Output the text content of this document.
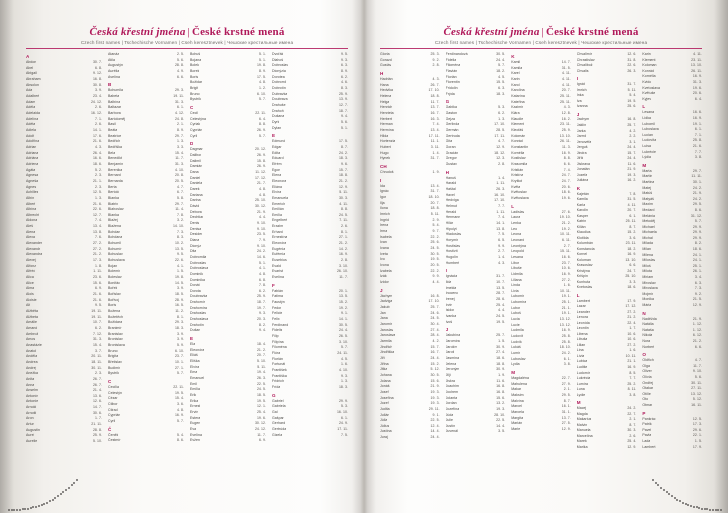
Česká křestní jména | České krstné mená
Czech first names | Tschechische Vornamen | Cseh keresztnevek | Чешские крестильные имена
A
Abdon	30. 7.
Abel	6. 8.
Abigail	9. 12.
Abraham	16. 8.
Absolon	30. 8.
Ada	3. 9.
Adalbert	23. 4.
Adam	24. 12.
Adéla	2. 6.
Adelaida	16. 12.
Adelína	7. 1.
Adéta	2. 6.
Adiela	14. 1.
Adolf	17. 6.
Adolfína	21. 6.
Adrian	4. 3.
Adriana	26. 4.
Adriána	16. 6.
Adriena	18. 6.
Agáta	5. 2.
Agnesa	2. 3.
Agneša	21. 1.
Agnes	2. 3.
Achilles	12. 5.
Albín	1. 3.
Albert	21. 6.
Albína	22. 6.
Albrecht	12. 7.
Aldona	7. 4.
Aleš	13. 4.
Alena	13. 8.
Alexa	7. 6.
Alexander	27. 2.
Alexandr	27. 2.
Alexandra	21. 2.
Alexej	17. 3.
Alfonz	1. 8.
Alfréd	1. 11.
Alica	23. 6.
Alice	15. 6.
Alma	6. 9.
Alois	21. 6.
Aloisie	21. 6.
Alt	9. 5.
Alžběta	19. 11.
Alžbeta	19. 11.
Amálie	10. 7.
Amand	6. 2.
Ambrož	7. 12.
Amos	31. 3.
Anastázie	15. 4.
Anatol	3. 7.
Anděla	20. 11.
Andrea	18. 11.
Andrej	30. 11.
Anežka	2. 3.
Anita	26. 7.
Anna	26. 7.
Anselm	21. 4.
Antonín	13. 6.
Antonie	12. 6.
Arnold	14. 7.
Arnošt	30. 6.
Aron	1. 7.
Artur	21. 11.
Augustin	28. 8.
Aurel	25. 9.
Aurelie	5. 10.
Atanáz	2. 5.
Atila	5. 6.
Augustýn	28. 8.
Aurélia	4. 9.
Avelína	6. 6.
B
Bohumila	29. 3.
Babeta	19. 11.
Balbína	31. 3.
Baltazar	6. 1.
Barbora	4. 12.
Bartoloměj	24. 8.
Basil	2. 1.
Beáta	8. 9.
Beatrice	29. 7.
Bedřich	1. 3.
Bedřiška	3. 3.
Bela	15. 4.
Benedikt	11. 7.
Benjamín	31. 3.
Berenika	4. 10.
Bernard	20. 8.
Bernarda	20. 5.
Berta	4. 7.
Bertold	6. 7.
Bianka	5. 8.
Biatrix	29. 7.
Blahoslav	11. 4.
Blanka	7. 8.
Blažej	3. 2.
Blažena	14. 10.
Bohdan	7. 3.
Bohdana	8. 3.
Bohumil	10. 2.
Bohumír	13. 5.
Bohuslav	9. 5.
Bohuslava	22. 6.
Bojan	4. 1.
Bolemír	1. 5.
Boleslav	19. 8.
Bonifác	14. 5.
Bořek	3. 9.
Bořislav	18. 5.
Bořivoj	28. 9.
Boris	16. 5.
Božena	11. 2.
Božetěch	8. 1.
Božidara	29. 3.
Branimír	18. 3.
Branislav	3. 9.
Bronislav	3. 9.
Bronislava	5. 9.
Bruno	6. 10.
Brigita	23. 7.
Břetislav	10. 1.
Budimír	27. 1.
Bystrík	5. 7.
C
Cecília	22. 11.
Celestýn	19. 5.
Cézar	15. 4.
Ctibor	3. 6.
Ctirad	4. 8.
Cyprián	16. 9.
Cyril	5. 7.
Č
Čeněk	5. 4.
Čestmír	8. 6.
Bohuš	5. 1.
Bojana	5. 1.
Bolek	19. 8.
Borek	8. 9.
Boris	17. 5.
Božidar	4. 8.
Brigit	1. 2.
Bruno	6. 10.
Bystrík	5. 7.
C
Cecil	22. 11.
Celestýna	6. 4.
Cyriak	8. 8.
Cyprián	26. 9.
Cyril	5. 7.
D
Dagmar	20. 12.
Dalibor	26. 9.
Dalimil	15. 8.
Damián	26. 9.
Dana	11. 12.
Daniel	17. 12.
Daniela	21. 7.
Darek	4. 8.
Dariana	4. 8.
Darina	25. 10.
Dávid	30. 12.
Debora	21. 9.
Dechtiar	4. 4.
Denis	9. 10.
Denisa	9. 10.
Desider	23. 5.
Diana	7. 9.
Dionýz	9. 10.
Dita	24. 2.
Dobromila	14. 6.
Dobroslav	5. 1.
Dobroslava	4. 1.
Dominik	4. 8.
Dominika	6. 8.
Donát	7. 8.
Dorota	6. 2.
Doubravka	25. 9.
Drahomír	18. 7.
Drahomíra	19. 7.
Drahoslav	9. 3.
Drahoslava	20. 3.
Drahotín	8. 2.
Dušan	9. 4.
E
Ela	18. 4.
Eleonóra	21. 2.
Eliáš	20. 7.
Eliška	5. 10.
Elvíra	5. 11.
Ema	19. 4.
Emanuel	26. 3.
Emil	22. 5.
Emília	24. 5.
Erik	18. 5.
Erika	19. 5.
Ernest	12. 1.
Ervín	25. 4.
Estera	19. 6.
Eugen	30. 12.
Eva	24. 12.
Evelína	11. 7.
Evžen	6. 9.
Dvořák	9. 5.
Dlahoš	9. 3.
Dobroslav	6. 3.
Dionýzia	8. 9.
Dorotea	6. 2.
Dobromil	4. 6.
Dobrotín	8. 3.
Dubravka	25. 9.
Doubrava	13. 9.
Drahuše	12. 7.
Drahoň	18. 7.
Dušana	9. 4.
Dyrk	5. 6.
Dylan	5. 1.
E
Edmund	17. 5.
Edgar	8. 7.
Edita	24. 2.
Eduard	18. 3.
Efrém	9. 6.
Egon	15. 7.
Elena	18. 8.
Eleonora	21. 2.
Eliána	12. 9.
Elvíra	5. 11.
Emanuela	30. 3.
Emerich	4. 11.
Emilián	8. 8.
Emília	24. 5.
Engelbert	7. 11.
Erazim	2. 6.
Erhard	8. 1.
Ernestína	27. 1.
Eleonóra	21. 2.
Eugénia	14. 2.
Eufémia	16. 9.
Eusebius	2. 8.
Evald	3. 10.
Evarist	26. 10.
Evelína	11. 7.
F
Fabián	20. 1.
Fatima	13. 5.
Faustýn	15. 2.
Fedor	19. 2.
Felicie	9. 1.
Felix	14. 1.
Ferdinand	30. 5.
Fidelis	24. 4.
Filip	26. 5.
Filipína	3. 10.
Filoména	5. 7.
Flóra	24. 11.
Florián	4. 5.
Fortunát	1. 6.
František	4. 10.
Františka	9. 3.
Fridrich	1. 3.
Frída	18. 3.
G
Gabriel	29. 9.
Gabriela	5. 3.
Gal	16. 10.
Gašpar	6. 1.
Gerhard	24. 9.
Gertrúda	17. 11.
Gizela	7. 5.
Česká křestní jména | České krstné mená
Czech first names | Tschechische Vornamen | Cseh keresztnevek | Чешские крестильные имена
Gloria	25. 3.
Gorazd	9. 2.
Gustáv	2. 8.
H
Hadrián	4. 3.
Hana	26. 7.
Hedvika	17. 10.
Helena	18. 8.
Helga	11. 7.
Henrich	13. 7.
Henrieta	16. 7.
Herbert	16. 3.
Herman	7. 4.
Hermína	13. 4.
Hilda	17. 11.
Hortenzia	11. 1.
Hubert	3. 11.
Hugo	1. 4.
Hynek	31. 7.
CH
Chrudoš	1. 9.
I
Ida	13. 4.
Ignác	31. 7.
Igor	18. 10.
Ilja	20. 7.
Ilona	18. 8.
Imrich	5. 11.
Ingrid	2. 9.
Irena	5. 4.
Irma	9. 7.
Isabela	22. 2.
Ivan	25. 6.
Ivana	24. 5.
Iveta	30. 5.
Ivo	19. 5.
Ivona	20. 5.
Izabela	22. 2.
Izák	9. 9.
Izidor	4. 4.
J
Jáchym	16. 8.
Jadviga	17. 10.
Jakub	25. 7.
Jan	24. 6.
Jana	24. 5.
Jaromír	30. 4.
Jaroslav	27. 4.
Jaroslava	28. 4.
Jarmila	4. 2.
Jindřich	15. 7.
Jindřiška	16. 7.
Jiří	24. 4.
Jiřina	15. 2.
Jitka	5. 12.
Johana	30. 5.
Jolana	15. 6.
Jonáš	21. 9.
Josef	19. 3.
Josefína	19. 3.
Jozef	19. 3.
Judita	29. 11.
Julián	9. 1.
Júlia	22. 5.
Július	12. 4.
Justína	14. 4.
Juraj	24. 4.
Ferdinandová	30. 5.
Fidelia	24. 4.
Filoména	5. 7.
Flavián	18. 2.
Florián	4. 5.
Florentín	15. 5.
Fridolín	6. 3.
Frýda	18. 3.
G
Gabika	5. 3.
Gaston	6. 2.
Gejza	1. 3.
Gerlinda	17. 10.
Germán	28. 5.
Gertruda	17. 11.
Gita	4. 7.
Goran	12. 9.
Gracián	18. 12.
Gregor	12. 3.
Gustav	2. 8.
H
Hanuš	1. 4.
Harald	1. 11.
Haštal	26. 3.
Havel	16. 10.
Hedviga	17. 10.
Helmut	7. 7.
Herald	1. 11.
Hermann	7. 4.
Hilár	14. 1.
Hipolyt	13. 8.
Hladoslav	7. 5.
Horymír	6. 5.
Hostislav	9. 9.
Hostivít	2. 7.
Hugolín	1. 4.
Humbert	4. 3.
I
Ignácia	31. 7.
Ilda	10. 7.
Imelda	13. 5.
Inocenc	28. 7.
Irenej	28. 6.
Irvin	25. 4.
Isidor	4. 4.
Ivanka	24. 5.
Ivoš	19. 5.
J
Jakubína	25. 7.
Jaromíra	1. 5.
Jarolím	30. 9.
Jaroš	27. 4.
Jasmína	18. 6.
Jelena	18. 8.
Jeroným	30. 9.
Jiljí	1. 9.
Jiskra	11. 6.
Joachim	16. 8.
Jochem	16. 8.
Jolanta	15. 6.
Jordan	13. 2.
Jozefína	19. 3.
Júda	28. 10.
Julie	22. 5.
Justín	14. 4.
Juvenál	3. 5.
K
Kamil	14. 7.
Kamila	31. 5.
Karel	4. 11.
Karin	4. 11.
Karol	4. 11.
Karolína	20. 7.
Katarína	25. 11.
Kateřina	25. 11.
Kazimír	4. 3.
Klára	12. 8.
Klaudie	16. 2.
Klement	23. 11.
Kleofáš	25. 9.
Kolomán	13. 10.
Konrád	26. 11.
Konstantin	11. 3.
Kornélia	16. 9.
Kostislav	8. 8.
Krasomila	6. 6.
Kristián	7. 4.
Kristína	24. 7.
Kryštof	24. 7.
Květa	20. 6.
Květoslav	18. 6.
Květoslava	19. 6.
L
Ladislav	27. 6.
Laura	19. 10.
Lenka	21. 2.
Leo	19. 2.
Leona	10. 11.
Leonard	6. 11.
Leontýna	2. 7.
Leopold	15. 11.
Lesana	16. 6.
Libor	23. 7.
Libuše	10. 6.
Lidmila	16. 9.
Liliana	27. 2.
Linda	1. 6.
Livia	10. 11.
Lubomír	19. 1.
Lubomíra	25. 1.
Lubor	21. 1.
Luboš	19. 1.
Lucia	13. 12.
Lucie	13. 12.
Ludmila	16. 9.
Ludovít	25. 8.
Ludvík	25. 8.
Lukáš	18. 10.
Lumír	24. 2.
Luboslav	6. 1.
Lydia	3. 8.
M
Magdaléna	22. 7.
Mahulena	27. 9.
Makar	2. 1.
Maksim	29. 5.
Malvína	8. 7.
Marcel	16. 1.
Marcela	31. 1.
Margita	13. 7.
Marián	27. 5.
Marie	12. 9.
Chvalimír	12. 6.
Chrastislav	31. 8.
Chvalibož	22. 6.
Chvalis	26. 3.
I
Ignát	31. 7.
Imrich	5. 11.
Inka	5. 4.
Iva	19. 5.
Ivanna	25. 6.
J
Jachym	16. 8.
Jaklín	25. 7.
Jarka	4. 2.
Jarmil	2. 2.
Jenovéfa	3. 1.
Jerguš	24. 4.
Jindra	15. 7.
Jiřík	24. 4.
Jiskrava	11. 6.
Jonatán	21. 9.
Jozefa	19. 3.
Juliána	16. 2.
K
Kajetán	7. 8.
Kamila	31. 5.
Karla	4. 11.
Karolin	20. 7.
Kasper	6. 1.
Katrin	25. 11.
Kilián	8. 7.
Klaudius	15. 2.
Klotilda	3. 6.
Kolumbán	23. 11.
Konstancia	18. 2.
Kornel	16. 9.
Koloman	13. 10.
Krasoslav	6. 6.
Kristýna	24. 7.
Krišpín	25. 10.
Kunhuta	3. 3.
Kvetoslav	18. 6.
L
Lambert	17. 9.
Lazar	17. 12.
Leander	27. 2.
Lenora	21. 2.
Leonída	22. 4.
Leontín	1. 7.
Libena	10. 6.
Libuša	10. 6.
Lilian	27. 2.
Lina	1. 6.
Lívia	10. 11.
Lubica	21. 1.
Ludiše	16. 9.
Ludomír	8. 5.
Lukrécia	7. 7.
Lumíra	25. 2.
Luna	8. 11.
Lydie	3. 8.
M
Macej	24. 2.
Magda	22. 7.
Makarius	2. 1.
Malvin	8. 7.
Manuela	30. 3.
Marcelína	2. 6.
Marek	25. 4.
Marika	12. 9.
Karin	4. 11.
Klement	23. 11.
Koloman	13. 10.
Konrád	26. 11.
Kornélia	16. 9.
Kvido	31. 3.
Kvetoslava	19. 6.
Květuše	20. 6.
Kyjev	6. 4.
L
Lesana	16. 6.
Lidka	16. 9.
Lubomil	19. 1.
Luboslava	6. 1.
Lucian	7. 1.
Ludovíta	25. 8.
Luisa	21. 6.
Lukrécie	7. 7.
Lýdia	3. 8.
M
Marta	29. 7.
Martin	11. 11.
Martina	30. 1.
Matej	24. 2.
Matúš	21. 9.
Matyáš	24. 2.
Maxim	29. 5.
Medard	8. 6.
Melánia	31. 12.
Metoděj	5. 7.
Michael	29. 9.
Michaela	29. 9.
Michal	29. 9.
Milada	8. 2.
Milan	18. 6.
Milena	24. 1.
Miloslav	24. 1.
Miloš	25. 1.
Milota	26. 1.
Miriam	3. 4.
Miroslav	6. 3.
Miroslava	7. 3.
Mojmír	9. 2.
Monika	21. 5.
Mária	12. 9.
N
Naděžda	21. 9.
Natália	1. 12.
Nataša	1. 12.
Nikola	6. 12.
Nora	21. 2.
Norbert	6. 6.
O
Oldřich	4. 7.
Olga	11. 7.
Oliver	9. 10.
Olívia	5. 6.
Ondřej	30. 11.
Otakar	27. 11.
Otílie	13. 12.
Oto	5. 12.
Otmar	16. 11.
P
Pankrác	12. 5.
Patrik	17. 3.
Pavel	29. 6.
Pavla	22. 1.
Lada	1. 5.
Lambert	17. 9.
